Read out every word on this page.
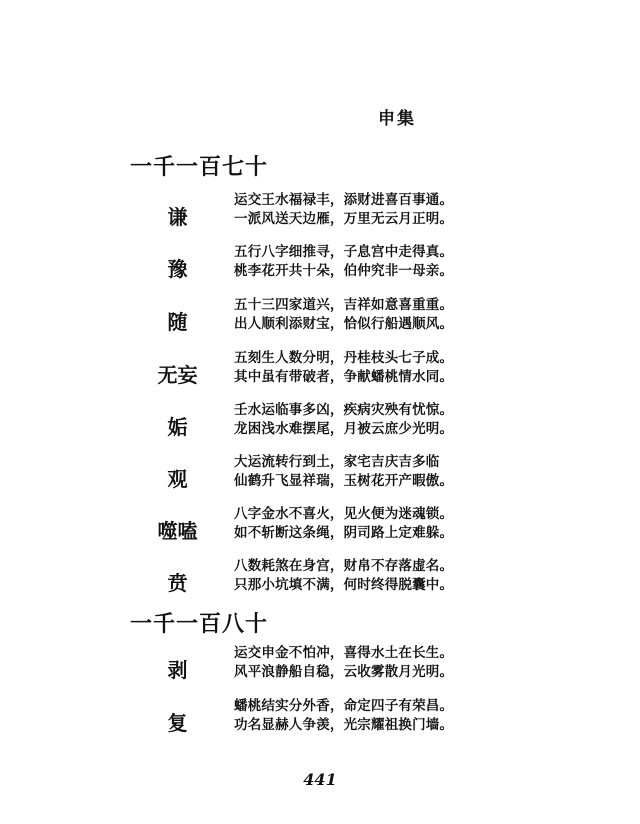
申集
一千一百七十
谦
运交王水福禄丰，添财进喜百事通。
一派风送天边雁，万里无云月正明。
豫
五行八字细推寻，子息宫中走得真。
桃李花开共十朵，伯仲究非一母亲。
随
五十三四家道兴，吉祥如意喜重重。
出人顺利添财宝，恰似行船遇顺风。
无妄
五刻生人数分明，丹桂枝头七子成。
其中虽有带破者，争献蟠桃情水同。
姤
壬水运临事多凶，疾病灾殃有忧惊。
龙困浅水难摆尾，月被云庶少光明。
观
大运流转行到土，家宅吉庆吉多临
仙鹤升飞显祥瑞，玉树花开产暇傲。
噬嗑
八字金水不喜火，见火便为迷魂锁。
如不斩断这条绳，阴司路上定难躲。
贲
八数耗煞在身宫，财帛不存落虚名。
只那小坑填不满，何时终得脱囊中。
一千一百八十
剥
运交申金不怕冲，喜得水土在长生。
风平浪静船自稳，云收雾散月光明。
复
蟠桃结实分外香，命定四子有荣昌。
功名显赫人争羡，光宗耀祖换门墙。
441
